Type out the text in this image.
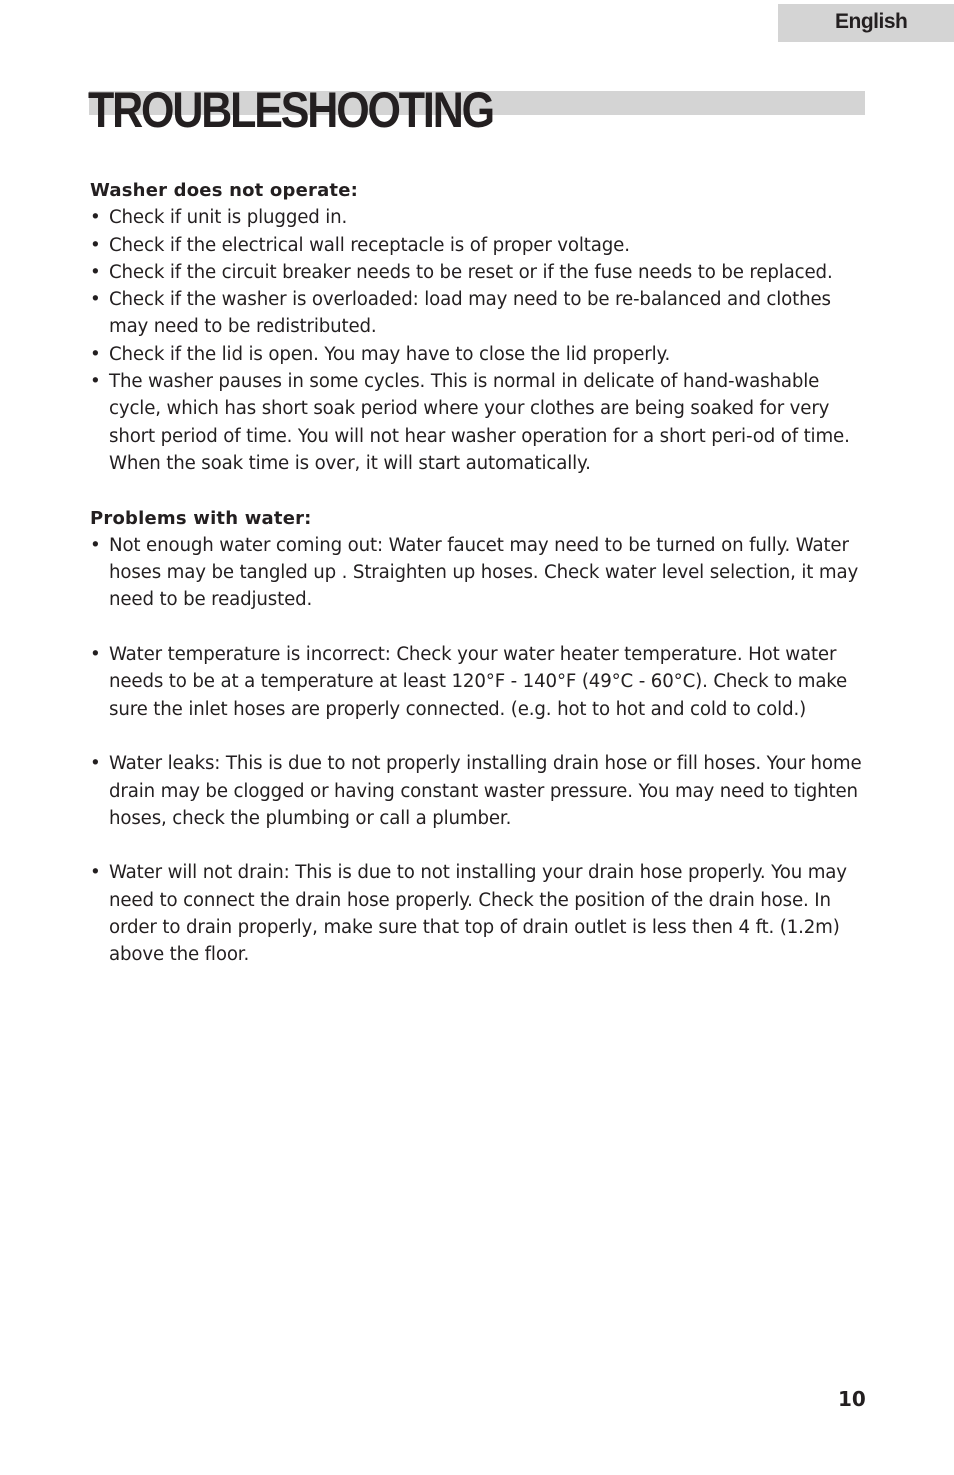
English
TROUBLESHOOTING
Washer does not operate:
• Check if unit is plugged in.
• Check if the electrical wall receptacle is of proper voltage.
• Check if the circuit breaker needs to be reset or if the fuse needs to be replaced.
• Check if the washer is overloaded: load may need to be re-balanced and clothes may need to be redistributed.
• Check if the lid is open. You may have to close the lid properly.
• The washer pauses in some cycles. This is normal in delicate of hand-washable cycle, which has short soak period where your clothes are being soaked for very short period of time. You will not hear washer operation for a short peri-od of time. When the soak time is over, it will start automatically.
Problems with water:
• Not enough water coming out: Water faucet may need to be turned on fully. Water hoses may be tangled up . Straighten up hoses. Check water level selection, it may need to be readjusted.
• Water temperature is incorrect: Check your water heater temperature. Hot water needs to be at a temperature at least 120°F - 140°F (49°C - 60°C). Check to make sure the inlet hoses are properly connected. (e.g. hot to hot and cold to cold.)
• Water leaks: This is due to not properly installing drain hose or fill hoses. Your home drain may be clogged or having constant waster pressure. You may need to tighten hoses, check the plumbing or call a plumber.
• Water will not drain: This is due to not installing your drain hose properly. You may need to connect the drain hose properly. Check the position of the drain hose. In order to drain properly, make sure that top of drain outlet is less then 4 ft. (1.2m) above the floor.
10
